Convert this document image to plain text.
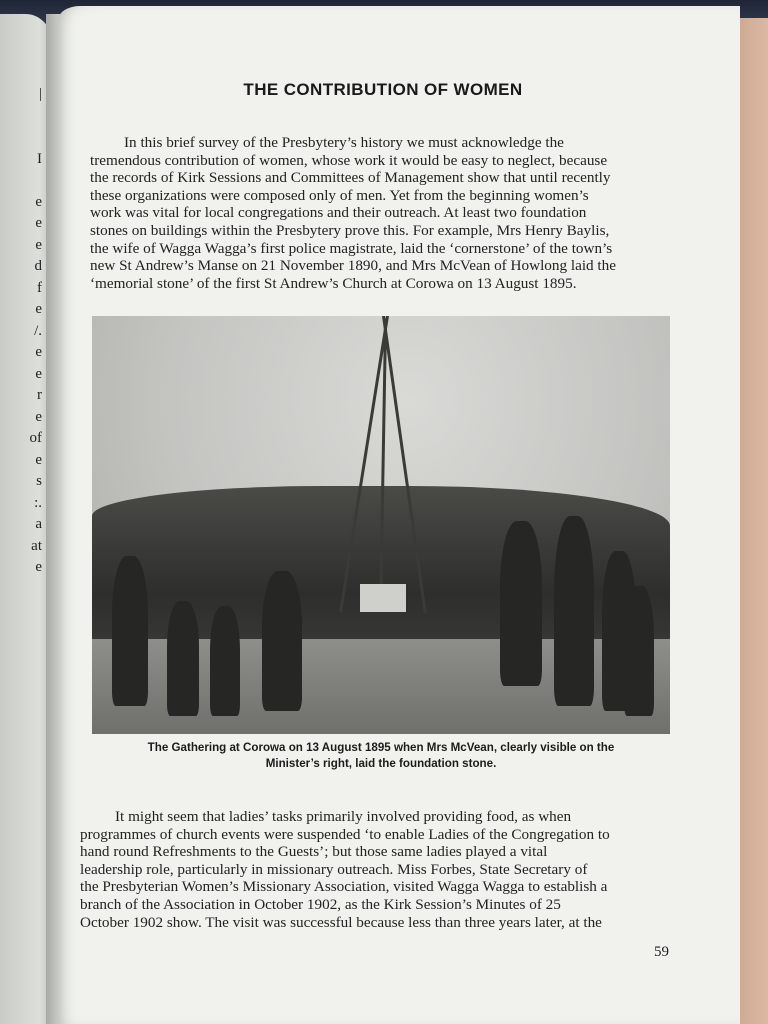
|

I

e
e
e
d
f
e
/.
e
e
r
e
of
e
s
:.
a
at
e
THE CONTRIBUTION OF WOMEN
In this brief survey of the Presbytery’s history we must acknowledge the
tremendous contribution of women, whose work it would be easy to neglect, because
the records of Kirk Sessions and Committees of Management show that until recently
these organizations were composed only of men. Yet from the beginning women’s
work was vital for local congregations and their outreach. At least two foundation
stones on buildings within the Presbytery prove this. For example, Mrs Henry Baylis,
the wife of Wagga Wagga’s first police magistrate, laid the ‘cornerstone’ of the town’s
new St Andrew’s Manse on 21 November 1890, and Mrs McVean of Howlong laid the
‘memorial stone’ of the first St Andrew’s Church at Corowa on 13 August 1895.
The Gathering at Corowa on 13 August 1895 when Mrs McVean, clearly visible on the
Minister’s right, laid the foundation stone.
It might seem that ladies’ tasks primarily involved providing food, as when
programmes of church events were suspended ‘to enable Ladies of the Congregation to
hand round Refreshments to the Guests’; but those same ladies played a vital
leadership role, particularly in missionary outreach. Miss Forbes, State Secretary of
the Presbyterian Women’s Missionary Association, visited Wagga Wagga to establish a
branch of the Association in October 1902, as the Kirk Session’s Minutes of 25
October 1902 show. The visit was successful because less than three years later, at the
59
